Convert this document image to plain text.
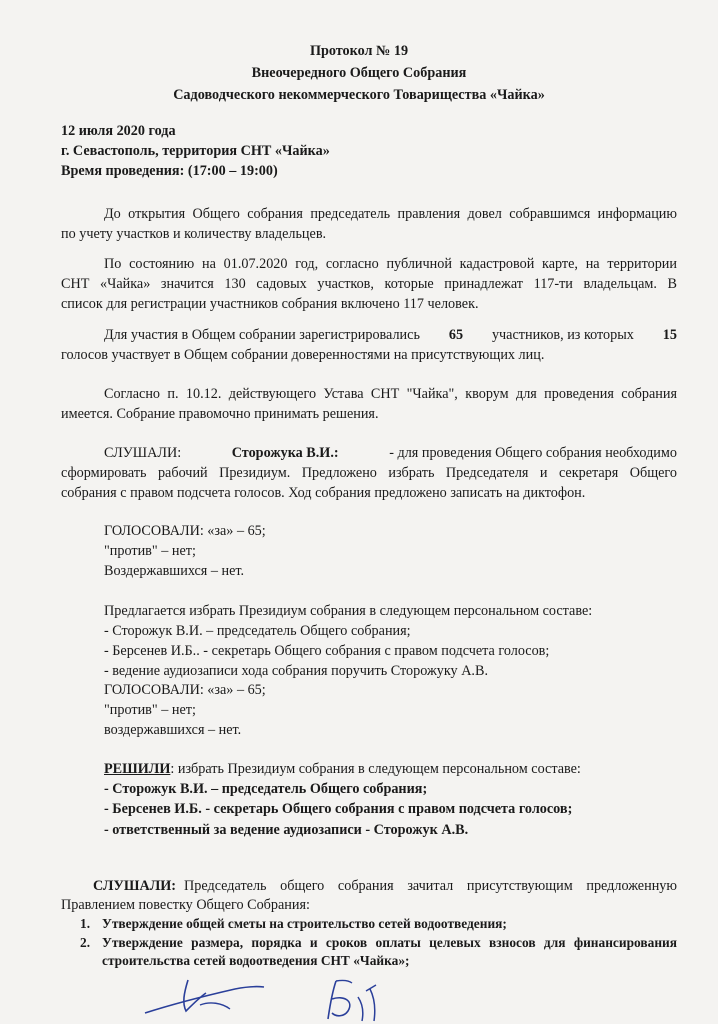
Протокол № 19
Внеочередного Общего Собрания
Садоводческого некоммерческого Товарищества «Чайка»
12 июля 2020 года
г. Севастополь, территория СНТ «Чайка»
Время проведения: (17:00 – 19:00)
До открытия Общего собрания председатель правления довел собравшимся информацию
по учету участков и количеству владельцев.
По состоянию на 01.07.2020 год, согласно публичной кадастровой карте, на территории
СНТ «Чайка» значится 130 садовых участков, которые принадлежат 117-ти владельцам. В
список для регистрации участников собрания включено 117 человек.
Для участия в Общем собрании зарегистрировались 65 участников, из которых 15
голосов участвует в Общем собрании доверенностями на присутствующих лиц.
Согласно п. 10.12. действующего Устава СНТ "Чайка", кворум для проведения собрания
имеется. Собрание правомочно принимать решения.
СЛУШАЛИ:	Сторожука В.И.:	- для проведения Общего собрания необходимо
сформировать рабочий Президиум. Предложено избрать Председателя и секретаря Общего
собрания с правом подсчета голосов. Ход собрания предложено записать на диктофон.
ГОЛОСОВАЛИ: «за» – 65;
"против" – нет;
Воздержавшихся – нет.
Предлагается избрать Президиум собрания в следующем персональном составе:
- Сторожук В.И. – председатель Общего собрания;
- Берсенев И.Б.. - секретарь Общего собрания с правом подсчета голосов;
- ведение аудиозаписи хода собрания поручить Сторожуку А.В.
ГОЛОСОВАЛИ: «за» – 65;
"против" – нет;
воздержавшихся – нет.
РЕШИЛИ: избрать Президиум собрания в следующем персональном составе:
- Сторожук В.И. – председатель Общего собрания;
- Берсенев И.Б. - секретарь Общего собрания с правом подсчета голосов;
- ответственный за ведение аудиозаписи - Сторожук А.В.
СЛУШАЛИ: Председатель общего собрания зачитал присутствующим предложенную
Правлением повестку Общего Собрания:
1. Утверждение общей сметы на строительство сетей водоотведения;
2. Утверждение размера, порядка и сроков оплаты целевых взносов для финансирования
строительства сетей водоотведения СНТ «Чайка»;
